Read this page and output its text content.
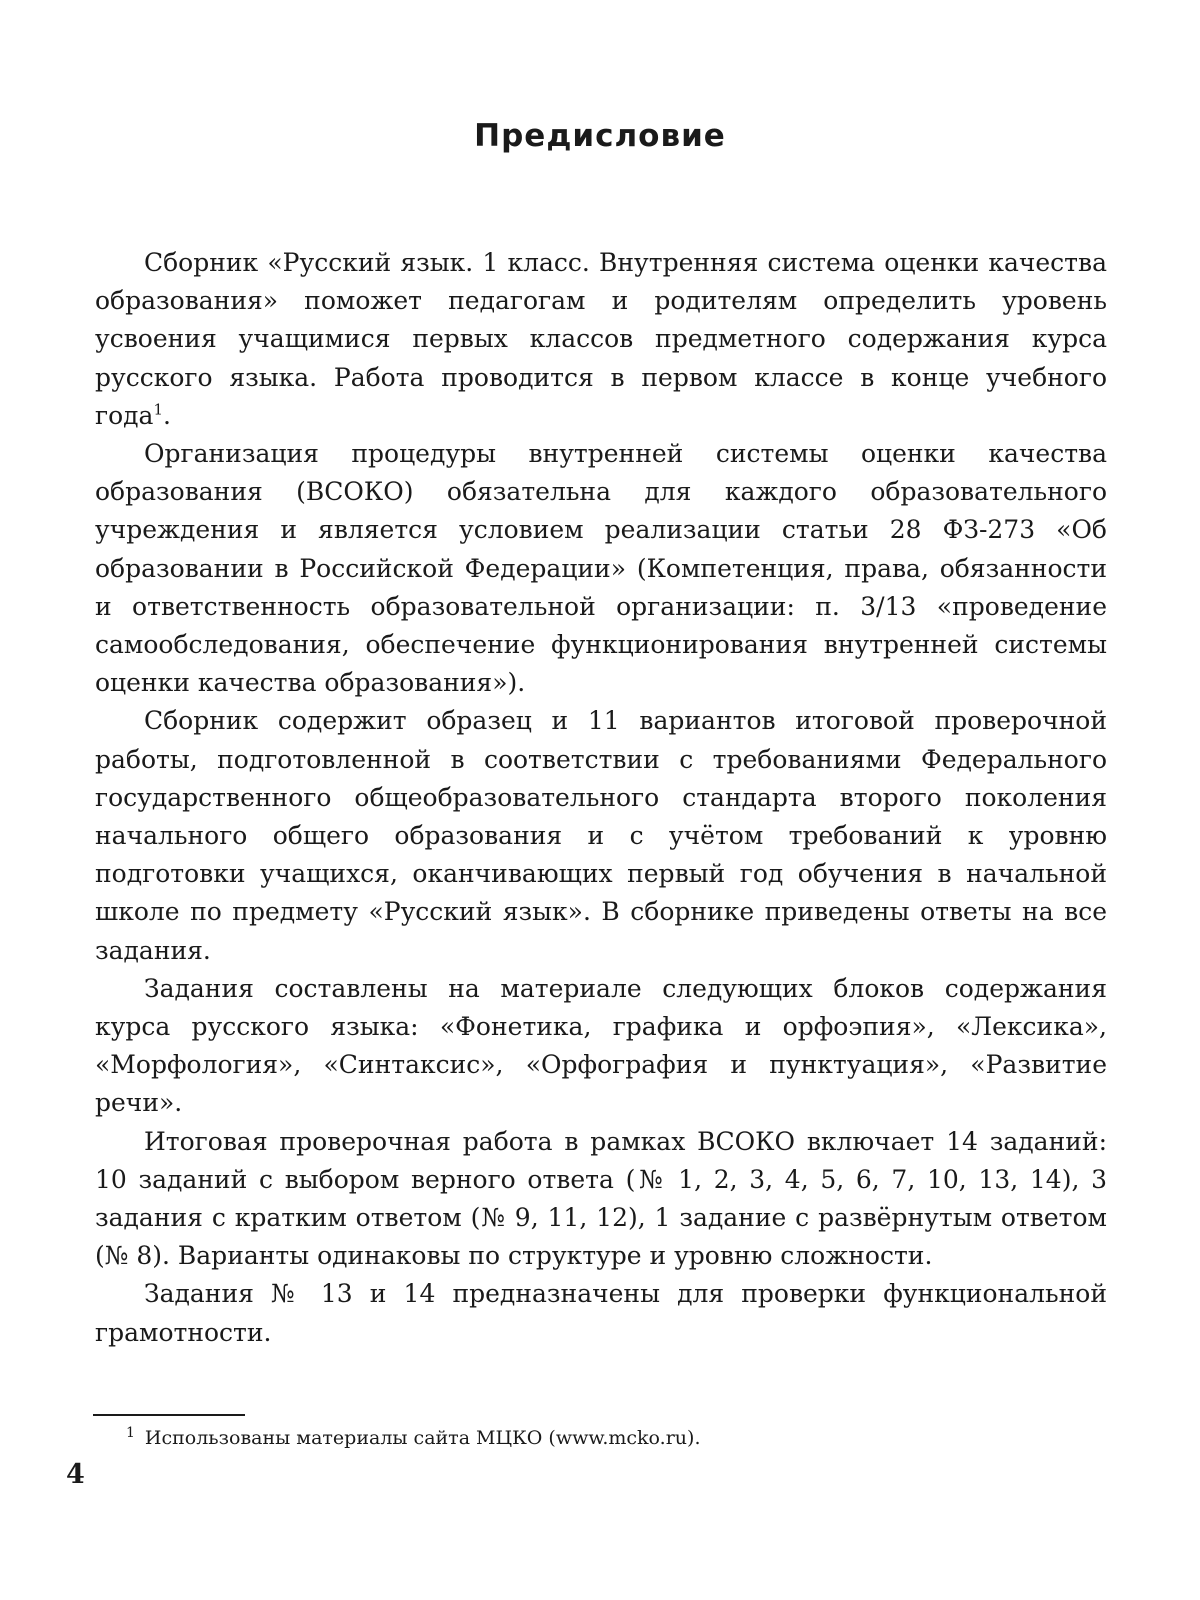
Предисловие

Сборник «Русский язык. 1 класс. Внутренняя система оценки качества образования» поможет педагогам и родителям определить уровень усвоения учащимися первых классов предметного содержания курса русского языка. Работа проводится в первом классе в конце учебного года$^1$.

Организация процедуры внутренней системы оценки качества образования (ВСОКО) обязательна для каждого образовательного учреждения и является условием реализации статьи 28 ФЗ-273 «Об образовании в Российской Федерации» (Компетенция, права, обязанности и ответственность образовательной организации: п. 3/13 «проведение самообследования, обеспечение функционирования внутренней системы оценки качества образования»).

Сборник содержит образец и 11 вариантов итоговой проверочной работы, подготовленной в соответствии с требованиями Федерального государственного общеобразовательного стандарта второго поколения начального общего образования и с учётом требований к уровню подготовки учащихся, оканчивающих первый год обучения в начальной школе по предмету «Русский язык». В сборнике приведены ответы на все задания.

Задания составлены на материале следующих блоков содержания курса русского языка: «Фонетика, графика и орфоэпия», «Лексика», «Морфология», «Синтаксис», «Орфография и пунктуация», «Развитие речи».

Итоговая проверочная работа в рамках ВСОКО включает 14 заданий: 10 заданий с выбором верного ответа (№ 1, 2, 3, 4, 5, 6, 7, 10, 13, 14), 3 задания с кратким ответом (№ 9, 11, 12), 1 задание с развёрнутым ответом (№ 8). Варианты одинаковы по структуре и уровню сложности.

Задания № 13 и 14 предназначены для проверки функциональной грамотности.

$^1$ Использованы материалы сайта МЦКО (www.mcko.ru).
4
